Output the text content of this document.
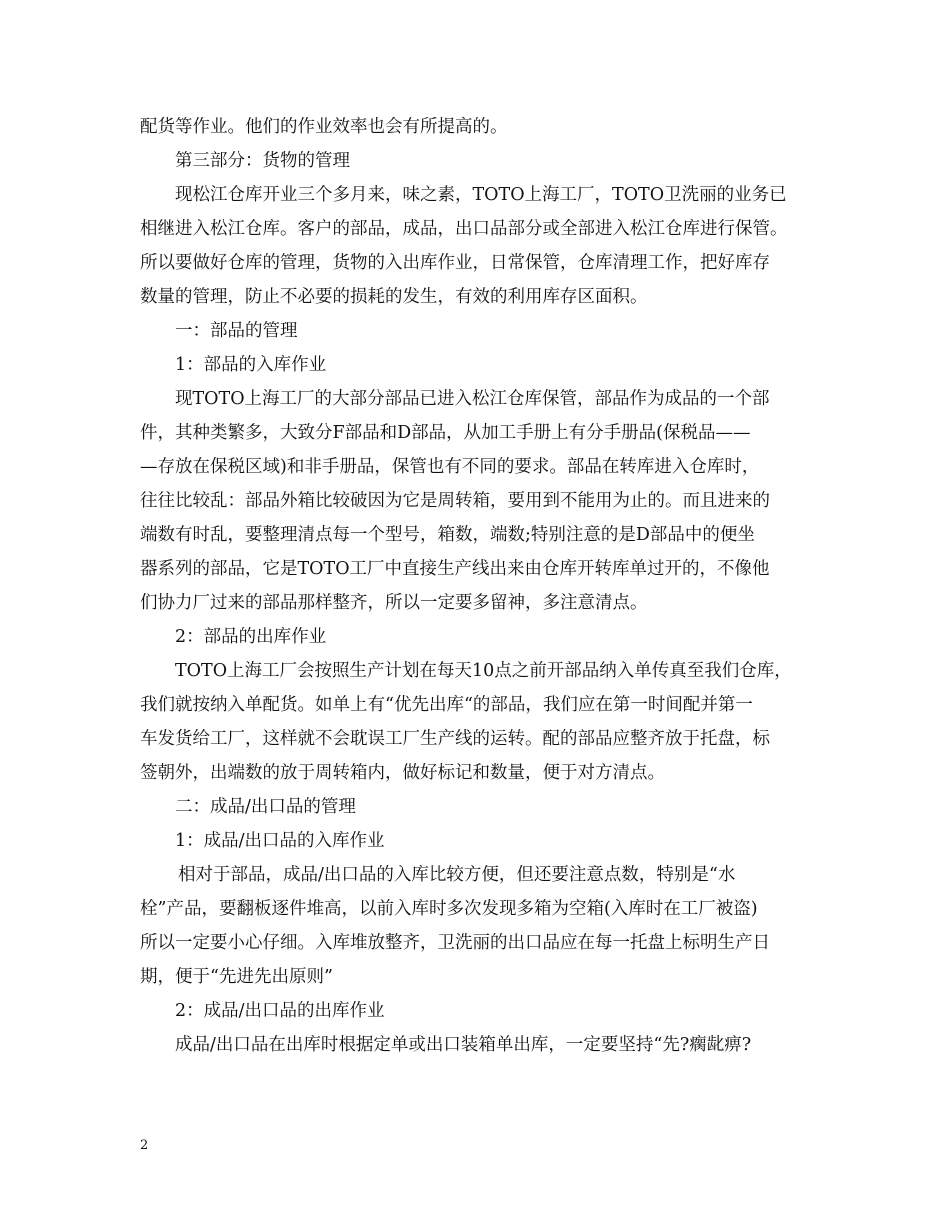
配货等作业。他们的作业效率也会有所提高的。
第三部分：货物的管理
现松江仓库开业三个多月来，味之素，TOTO上海工厂，TOTO卫洗丽的业务已
相继进入松江仓库。客户的部品，成品，出口品部分或全部进入松江仓库进行保管。
所以要做好仓库的管理，货物的入出库作业，日常保管，仓库清理工作，把好库存
数量的管理，防止不必要的损耗的发生，有效的利用库存区面积。
一：部品的管理
1：部品的入库作业
现TOTO上海工厂的大部分部品已进入松江仓库保管，部品作为成品的一个部
件，其种类繁多，大致分F部品和D部品，从加工手册上有分手册品(保税品——
—存放在保税区域)和非手册品，保管也有不同的要求。部品在转库进入仓库时，
往往比较乱：部品外箱比较破因为它是周转箱，要用到不能用为止的。而且进来的
端数有时乱，要整理清点每一个型号，箱数，端数;特别注意的是D部品中的便坐
器系列的部品，它是TOTO工厂中直接生产线出来由仓库开转库单过开的，不像他
们协力厂过来的部品那样整齐，所以一定要多留神，多注意清点。
2：部品的出库作业
TOTO上海工厂会按照生产计划在每天10点之前开部品纳入单传真至我们仓库，
我们就按纳入单配货。如单上有“优先出库“的部品，我们应在第一时间配并第一
车发货给工厂，这样就不会耽误工厂生产线的运转。配的部品应整齐放于托盘，标
签朝外，出端数的放于周转箱内，做好标记和数量，便于对方清点。
二：成品/出口品的管理
1：成品/出口品的入库作业
相对于部品，成品/出口品的入库比较方便，但还要注意点数，特别是“水
栓”产品，要翻板逐件堆高，以前入库时多次发现多箱为空箱(入库时在工厂被盗)
所以一定要小心仔细。入库堆放整齐，卫洗丽的出口品应在每一托盘上标明生产日
期，便于“先进先出原则”
2：成品/出口品的出库作业
成品/出口品在出库时根据定单或出口装箱单出库，一定要坚持“先?瘸龀痹?
2
